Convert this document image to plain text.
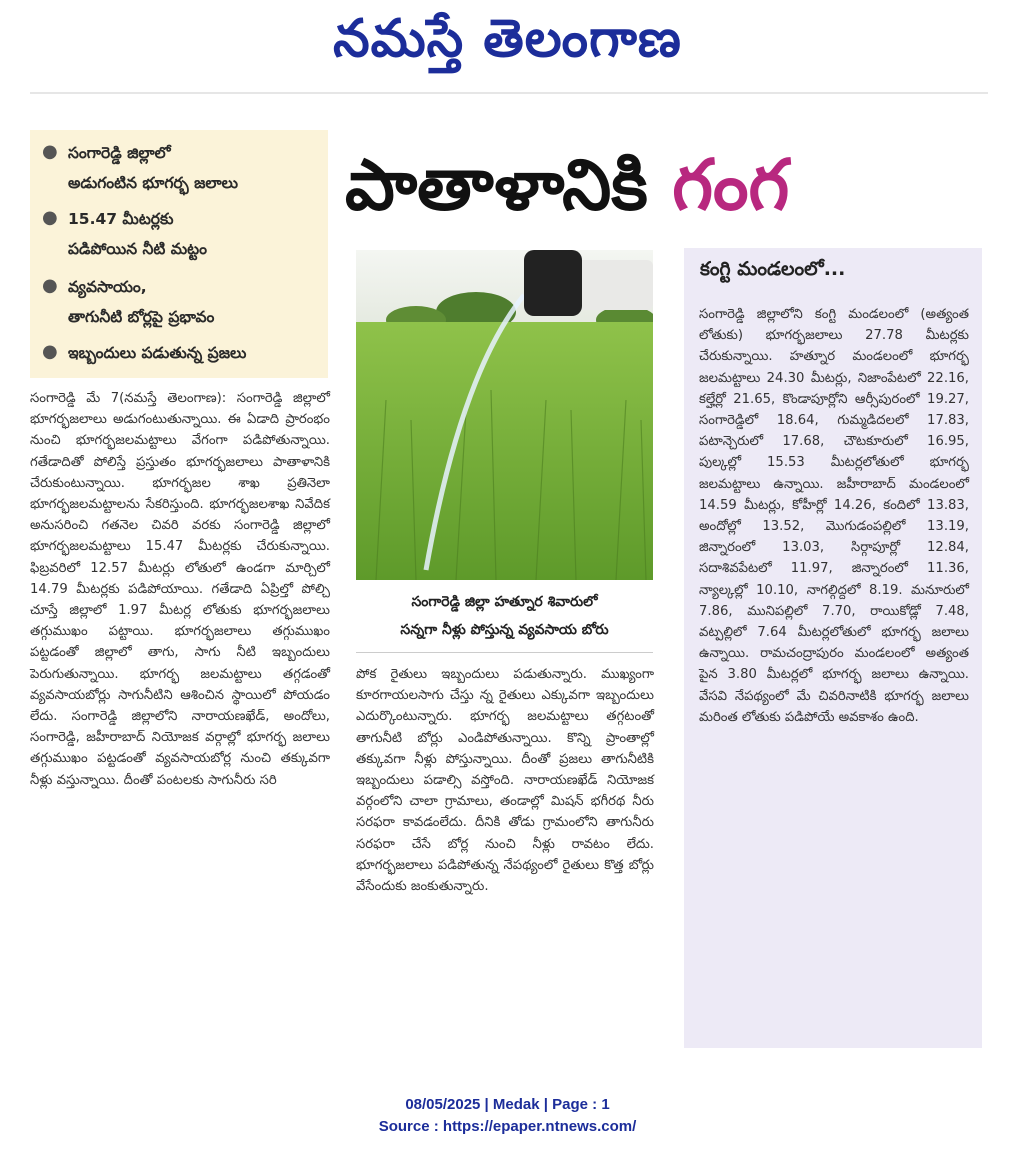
నమస్తే తెలంగాణ
● సంగారెడ్డి జిల్లాలో
అడుగంటిన భూగర్భ జలాలు
● 15.47 మీటర్లకు
పడిపోయిన నీటి మట్టం
● వ్యవసాయం,
తాగునీటి బోర్లపై ప్రభావం
● ఇబ్బందులు పడుతున్న ప్రజలు
పాతాళానికి గంగ
సంగారెడ్డి జిల్లా హత్నూర శివారులో
సన్నగా నీళ్లు పోస్తున్న వ్యవసాయ బోరు
సంగారెడ్డి మే 7(నమస్తే తెలంగాణ): సంగారెడ్డి జిల్లాలో భూగర్భజలాలు అడుగంటుతున్నాయి. ఈ ఏడాది ప్రారంభం నుంచి భూగర్భజలమట్టాలు వేగంగా పడిపోతున్నాయి. గతేడాదితో పోలిస్తే ప్రస్తుతం భూగర్భజలాలు పాతాళానికి చేరుకుంటున్నాయి. భూగర్భజల శాఖ ప్రతినెలా భూగర్భజలమట్టాలను సేకరిస్తుంది. భూగర్భజలశాఖ నివేదిక అనుసరించి గతనెల చివరి వరకు సంగారెడ్డి జిల్లాలో భూగర్భజలమట్టాలు 15.47 మీటర్లకు చేరుకున్నాయి. ఫిబ్రవరిలో 12.57 మీటర్లు లోతులో ఉండగా మార్చిలో 14.79 మీటర్లకు పడిపోయాయి. గతేడాది ఏప్రిల్తో పోల్చి చూస్తే జిల్లాలో 1.97 మీటర్ల లోతుకు భూగర్భజలాలు తగ్గుముఖం పట్టాయి. భూగర్భజలాలు తగ్గుముఖం పట్టడంతో జిల్లాలో తాగు, సాగు నీటి ఇబ్బందులు పెరుగుతున్నాయి. భూగర్భ జలమట్టాలు తగ్గడంతో వ్యవసాయబోర్లు సాగునీటిని ఆశించిన స్థాయిలో పోయడం లేదు. సంగారెడ్డి జిల్లాలోని నారాయణఖేడ్, అందోలు, సంగారెడ్డి, జహీరాబాద్ నియోజక వర్గాల్లో భూగర్భ జలాలు తగ్గుముఖం పట్టడంతో వ్యవసాయబోర్ల నుంచి తక్కువగా నీళ్లు వస్తున్నాయి. దీంతో పంటలకు సాగునీరు సరి
పోక రైతులు ఇబ్బందులు పడుతున్నారు. ముఖ్యంగా కూరగాయలసాగు చేస్తు న్న రైతులు ఎక్కువగా ఇబ్బందులు ఎదుర్కొంటున్నారు. భూగర్భ జలమట్టాలు తగ్గటంతో తాగునీటి బోర్లు ఎండిపోతున్నాయి. కొన్ని ప్రాంతాల్లో తక్కువగా నీళ్లు పోస్తున్నాయి. దీంతో ప్రజలు తాగునీటికి ఇబ్బందులు పడాల్సి వస్తోంది. నారాయణఖేడ్ నియోజక వర్గంలోని చాలా గ్రామాలు, తండాల్లో మిషన్ భగీరథ నీరు సరఫరా కావడంలేదు. దీనికి తోడు గ్రామంలోని తాగునీరు సరఫరా చేసే బోర్ల నుంచి నీళ్లు రావటం లేదు. భూగర్భజలాలు పడిపోతున్న నేపథ్యంలో రైతులు కొత్త బోర్లు వేసేందుకు జంకుతున్నారు.
కంగ్టి మండలంలో...
సంగారెడ్డి జిల్లాలోని కంగ్టి మండలంలో (అత్యంత లోతుకు) భూగర్భజలాలు 27.78 మీటర్లకు చేరుకున్నాయి. హత్నూర మండలంలో భూగర్భ జలమట్టాలు 24.30 మీటర్లు, నిజాంపేటలో 22.16, కల్హేర్లో 21.65, కొండాపూర్లోని ఆర్సీపురంలో 19.27, సంగారెడ్డిలో 18.64, గుమ్మడిదలలో 17.83, పటాన్చెరులో 17.68, చౌటకూరులో 16.95, పుల్కల్లో 15.53 మీటర్లలోతులో భూగర్భ జలమట్టాలు ఉన్నాయి. జహీరాబాద్ మండలంలో 14.59 మీటర్లు, కోహీర్లో 14.26, కందిలో 13.83, అందోల్లో 13.52, మొగుడంపల్లిలో 13.19, జిన్నారంలో 13.03, సిర్గాపూర్లో 12.84, సదాశివపేటలో 11.97, జిన్నారంలో 11.36, న్యాల్కల్లో 10.10, నాగల్గిద్దలో 8.19. మనూరులో 7.86, మునిపల్లిలో 7.70, రాయికోడ్లో 7.48, వట్పల్లిలో 7.64 మీటర్లలోతులో భూగర్భ జలాలు ఉన్నాయి. రామచంద్రాపురం మండలంలో అత్యంత పైన 3.80 మీటర్లలో భూగర్భ జలాలు ఉన్నాయి. వేసవి నేపథ్యంలో మే చివరినాటికి భూగర్భ జలాలు మరింత లోతుకు పడిపోయే అవకాశం ఉంది.
08/05/2025 | Medak | Page : 1
Source : https://epaper.ntnews.com/
